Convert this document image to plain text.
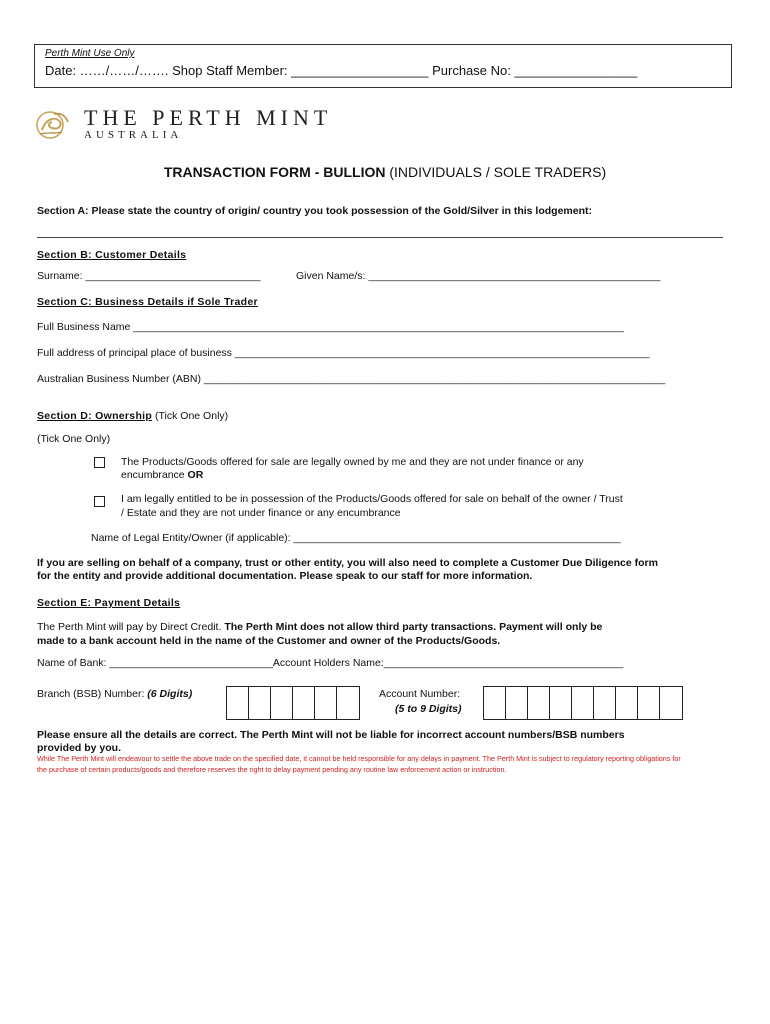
Perth Mint Use Only
Date: ……/……/……. Shop Staff Member: ___________________ Purchase No: _________________
THE PERTH MINT
AUSTRALIA
TRANSACTION FORM - BULLION (INDIVIDUALS / SOLE TRADERS)
Section A: Please state the country of origin/ country you took possession of the Gold/Silver in this lodgement:
Section B: Customer Details
Surname: ______________________________	Given Name/s: __________________________________________________
Section C: Business Details if Sole Trader
Full Business Name ____________________________________________________________________________________
Full address of principal place of business _______________________________________________________________________
Australian Business Number (ABN) _______________________________________________________________________________
Section D: Ownership (Tick One Only)
(Tick One Only)
The Products/Goods offered for sale are legally owned by me and they are not under finance or any
encumbrance OR
I am legally entitled to be in possession of the Products/Goods offered for sale on behalf of the owner / Trust
/ Estate and they are not under finance or any encumbrance
Name of Legal Entity/Owner (if applicable): ________________________________________________________
If you are selling on behalf of a company, trust or other entity, you will also need to complete a Customer Due Diligence form
for the entity and provide additional documentation. Please speak to our staff for more information.
Section E: Payment Details
The Perth Mint will pay by Direct Credit. The Perth Mint does not allow third party transactions. Payment will only be
made to a bank account held in the name of the Customer and owner of the Products/Goods.
Name of Bank: ____________________________Account Holders Name:_________________________________________
Branch (BSB) Number: (6 Digits)	Account Number:
(5 to 9 Digits)
Please ensure all the details are correct. The Perth Mint will not be liable for incorrect account numbers/BSB numbers
provided by you.
While The Perth Mint will endeavour to settle the above trade on the specified date, it cannot be held responsible for any delays in payment. The Perth Mint is subject to regulatory reporting obligations for the purchase of certain products/goods and therefore reserves the right to delay payment pending any routine law enforcement action or instruction.
